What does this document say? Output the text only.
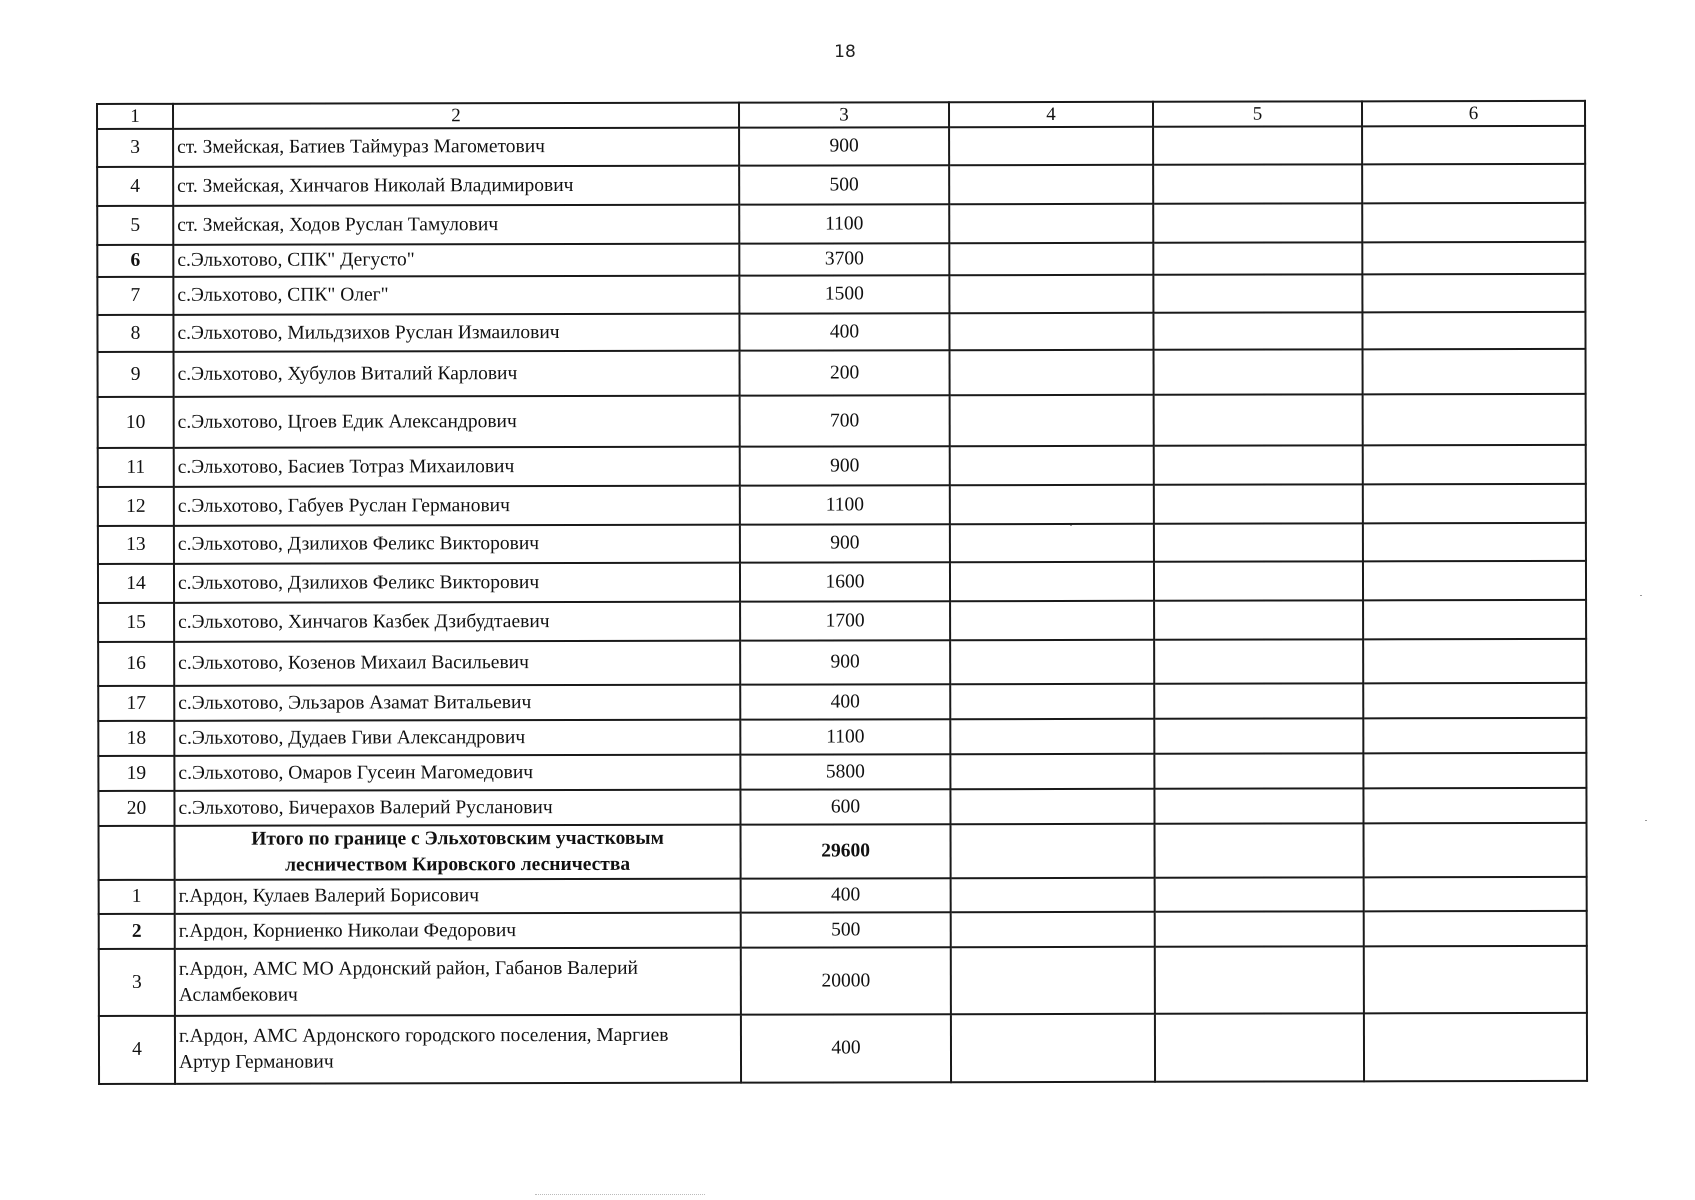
18
1	2	3	4	5	6
3	ст. Змейская, Батиев Таймураз Магометович	900			
4	ст. Змейская, Хинчагов Николай Владимирович	500			
5	ст. Змейская, Ходов Руслан Тамулович	1100			
6	с.Эльхотово, СПК" Дегусто"	3700			
7	с.Эльхотово, СПК" Олег"	1500			
8	с.Эльхотово, Мильдзихов Руслан Измаилович	400			
9	с.Эльхотово, Хубулов Виталий Карлович	200			
10	с.Эльхотово, Цгоев Едик Александрович	700			
11	с.Эльхотово, Басиев Тотраз Михаилович	900			
12	с.Эльхотово, Габуев Руслан Германович	1100			
13	с.Эльхотово, Дзилихов Феликс Викторович	900			
14	с.Эльхотово, Дзилихов Феликс Викторович	1600			
15	с.Эльхотово, Хинчагов Казбек Дзибудтаевич	1700			
16	с.Эльхотово, Козенов Михаил Васильевич	900			
17	с.Эльхотово, Эльзаров Азамат Витальевич	400			
18	с.Эльхотово, Дудаев Гиви Александрович	1100			
19	с.Эльхотово, Омаров Гусеин Магомедович	5800			
20	с.Эльхотово, Бичерахов Валерий Русланович	600			

	Итого по границе с Эльхотовским участковым
лесничеством Кировского лесничества	29600			
1	г.Ардон, Кулаев Валерий Борисович	400			
2	г.Ардон, Корниенко Николаи Федорович	500			
3	г.Ардон, АМС МО Ардонский район, Габанов Валерий
Асламбекович	20000			
4	г.Ардон, АМС Ардонского городского поселения, Маргиев
Артур Германович	400			
